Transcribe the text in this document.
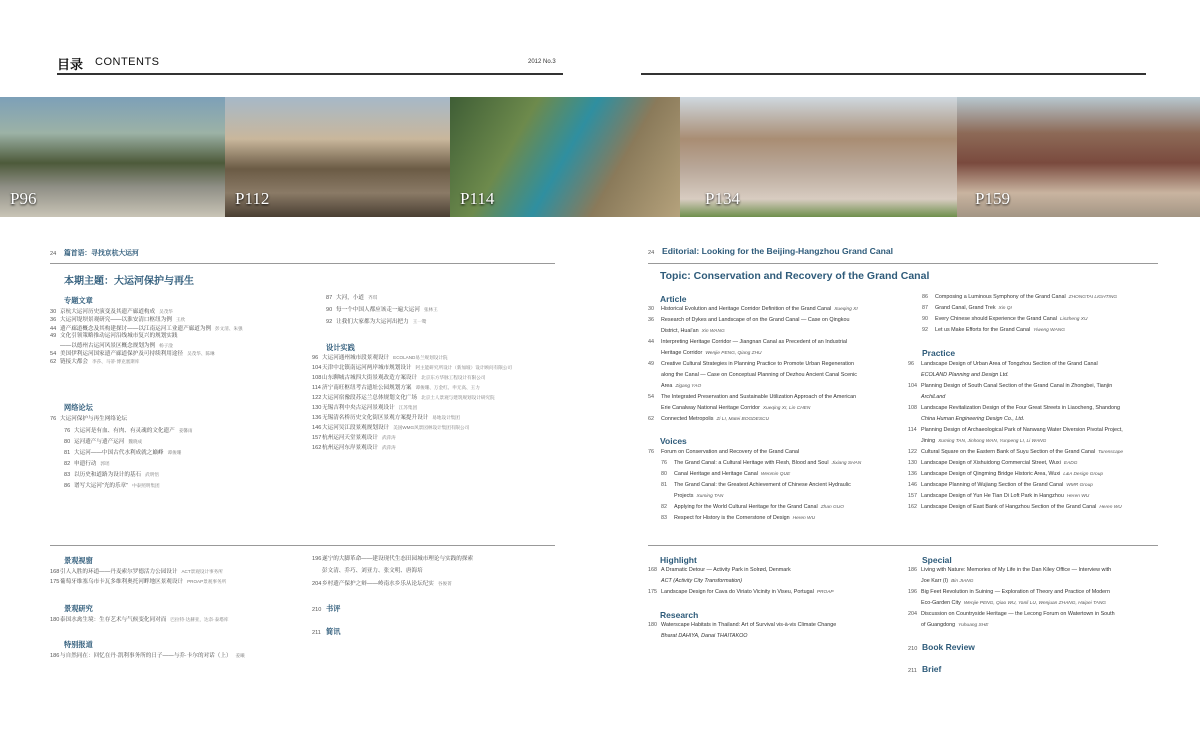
目录 CONTENTS	2012 No.3
P96	P112	P114	P134	P159
24 篇首语：寻找京杭大运河
本期主题：大运河保护与再生
专题文章
30 京杭大运河历史演变及其遗产廊道构成 吴茂华
36 大运河堤坝景观研究——以淮安清口枢纽为例 王欣
44 遗产廊道概念及其构建探讨——以江南运河工业遗产廊道为例 彭文清、朱强
49 文化引领策略推动运河沿线城市复兴的规划实践
——以德州古运河风景区概念规划为例 杨子淦
54 美国伊利运河国家遗产廊道保护及可持续利用途径 吴茂华、陈琳
62 链接大都会 李莎、马蒂·博克塞斯库
网络论坛
76 大运河保护与再生网络论坛
76 大运河是有血、有肉、有灵魂的文化遗产 姜馨雨
80 运河遗产与遗产运河 魏晓成
81 大运河——中国古代水利成就之巅峰 谭俊珊
82 申遗行动 郭瑶
83 以历史和道路为设计的基石 武明悟
86 谱写大运河“光的乐章” 中泰照明集团
87 大河，小道 齐琪
90 每一个中国人都应该走一遍大运河 张林王
92 让我们大家都为大运河出把力 王一鹭
设计实践
96 大运河通州城市段景观设计 ECOLAND易兰规划设计院
104天津中北镇南运河两岸城市规划设计 阿主能研究所设计（新加坡）设计顾问有限公司
108山东聊城古城四大街景观改造方案设计 北京东方华脉工程设计有限公司
114济宁南旺枢纽考古遗址公园规划方案 谭俊珊、万金红、申无高、王力
122大运河宿豫段苏运兰总体规划文化广场 北京土人景观与建筑规划设计研究院
130无锡吉利中央古运河景观设计 江苏集团
136无锡清名桥历史文化街区景观方案提升设计 易地设计集团
146大运河吴江段景观规划设计 美国WMG风景园林设计集团有限公司
157杭州运河天堂景观设计 武萍涛
162杭州运河东岸景观设计 武萍涛
景观视窗
168引人入胜的环道——丹麦索尔罗德活力公园设计 ACT景观设计事务所
175葡萄牙维塞乌市卡瓦多维利奥托河畔地区景观设计 PROAP景观事务所
景观研究
180泰国水禽生境：生存艺术与气候变化同对而 巴拉特·达赫亚，达奈·泰塔库
特别报道
186与自然同在：回忆在丹·凯利事务所的日子——与乔·卡尔的对话（上） 姜曦
196遂宁的大脚革命——建设现代生态田园城市理论与实践的探索
彭文清、乔巧、刘亚力、张文明、唐海培
204乡村遗产保护之辩——岭南水乡乐从论坛纪实 谷俊菁
210 书评
211 简讯
24 Editorial: Looking for the Beijing-Hangzhou Grand Canal
Topic: Conservation and Recovery of the Grand Canal
Article
30 Historical Evolution and Heritage Corridor Definition of the Grand Canal Xueqing XI
36 Research of Dykes and Landscape of on the Grand Canal — Case on Qingkou
District, Huai'an Xin WANG
44 Interpreting Heritage Corridor — Jiangnan Canal as Precedent of an Industrial
Heritage Corridor Wenjie PENG, Qiang ZHU
49 Creative Cultural Strategies in Planning Practice to Promote Urban Regeneration
along the Canal — Case on Conceptual Planning of Dezhou Ancient Canal Scenic
Area Zigang YAO
54 The Integrated Preservation and Sustainable Utilization Approach of the American
Erie Canalway National Heritage Corridor Xueqing XI, Lin CHEN
62 Connected Metropolis Zi LI, Matei BOGDESCU
Voices
76 Forum on Conservation and Recovery of the Grand Canal
76 The Grand Canal: a Cultural Heritage with Flesh, Blood and Soul Jixiang SHAN
80 Canal Heritage and Heritage Canal Wenmin QUE
81 The Grand Canal: the Greatest Achievement of Chinese Ancient Hydraulic
Projects Xuming TAN
82 Applying for the World Cultural Heritage for the Grand Canal Zhan GUO
83 Respect for History is the Cornerstone of Design Heren WU
86 Composing a Luminous Symphony of the Grand Canal ZHONGTAI LIGHTING
87 Grand Canal, Grand Trek Xin QI
90 Every Chinese should Experience the Grand Canal Linzheng XU
92 Let us Make Efforts for the Grand Canal Yiweng WANG
Practice
96 Landscape Design of Urban Area of Tongzhou Section of the Grand Canal
ECOLAND Planning and Design Ltd.
104 Planning Design of South Canal Section of the Grand Canal in Zhongbei, Tianjin
ArchiLand
108 Landscape Revitalization Design of the Four Great Streets in Liaocheng, Shandong
China Human Engineering Design Co., Ltd.
114 Planning Design of Archaeological Park of Nanwang Water Diversion Pivotal Project,
Jining Xuming TAN, Jinhong WAN, Yunpeng LI, Li WANG
122 Cultural Square on the Eastern Bank of Suyu Section of the Grand Canal Turenscape
130 Landscape Design of Xishuidong Commercial Street, Wuxi EADG
136 Landscape Design of Qingming Bridge Historic Area, Wuxi L&A Design Group
146 Landscape Planning of Wujiang Section of the Grand Canal WMR Group
157 Landscape Design of Yun He Tian Di Loft Park in Hangzhou Heren WU
162 Landscape Design of East Bank of Hangzhou Section of the Grand Canal Heren WU
Highlight
168 A Dramatic Detour — Activity Park in Solrød, Denmark
ACT (Activity City Transformation)
175 Landscape Design for Cava do Viriato Vicinity in Viseu, Portugal PROAP
Research
180 Waterscape Habitats in Thailand: Art of Survival vis-à-vis Climate Change
Bharat DAHIYA, Danai THAITAKOO
Special
186 Living with Nature: Memories of My Life in the Dan Kiley Office — Interview with
Joe Karr (Ⅰ) Bin JIANG
196 Big Feet Revolution in Suining — Exploration of Theory and Practice of Modern
Eco-Garden City Wenjie PENG, Qiao WU, Yanli LU, Wenjuan ZHANG, Haipei TANG
204 Discussion on Countryside Heritage — the Lecong Forum on Watertown in South
of Guangdong Yuhuang SHE
210 Book Review
211 Brief
